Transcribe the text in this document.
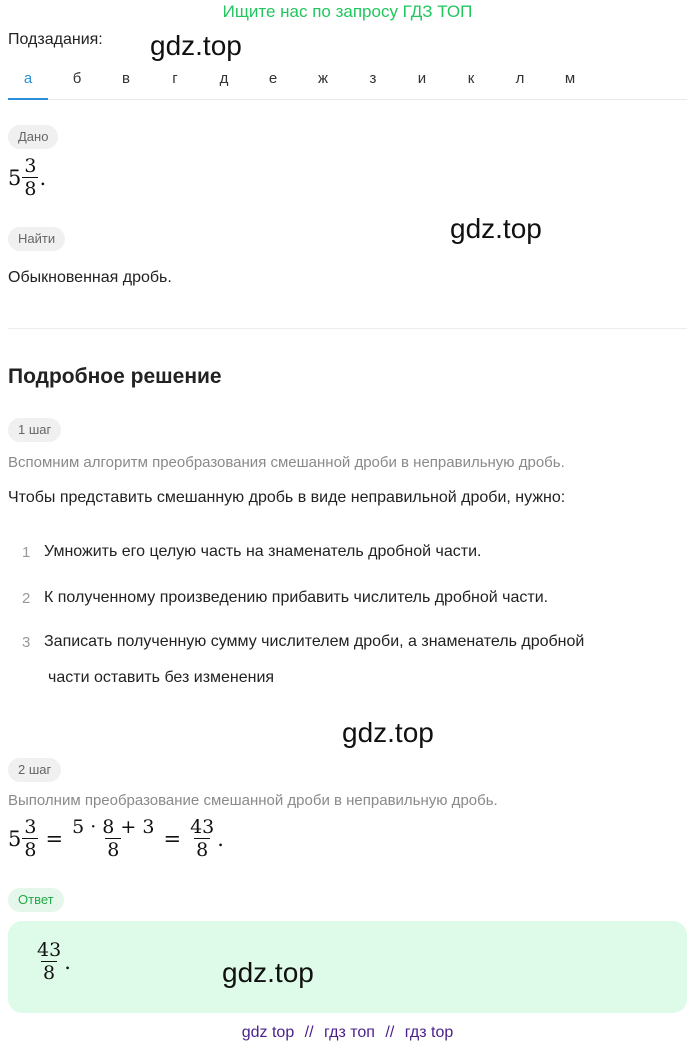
Ищите нас по запросу ГДЗ ТОП
Подзадания: gdz.top
а	б	в	г	д	е	ж	з	и	к	л	м
Дано
$5 \frac{3}{8}$ .
Найти	gdz.top
Обыкновенная дробь.
Подробное решение
1 шаг
Вспомним алгоритм преобразования смешанной дроби в неправильную дробь.
Чтобы представить смешанную дробь в виде неправильной дроби, нужно:
1 Умножить его целую часть на знаменатель дробной части.
2 К полученному произведению прибавить числитель дробной части.
3 Записать полученную сумму числителем дроби, а знаменатель дробной
части оставить без изменения
gdz.top
2 шаг
Выполним преобразование смешанной дроби в неправильную дробь.
$5 \frac{3}{8} = \frac{5 \cdot 8 + 3}{8} = \frac{43}{8}$ .
Ответ
$\frac{43}{8}$ .	gdz.top
gdz top // гдз топ // гдз top
